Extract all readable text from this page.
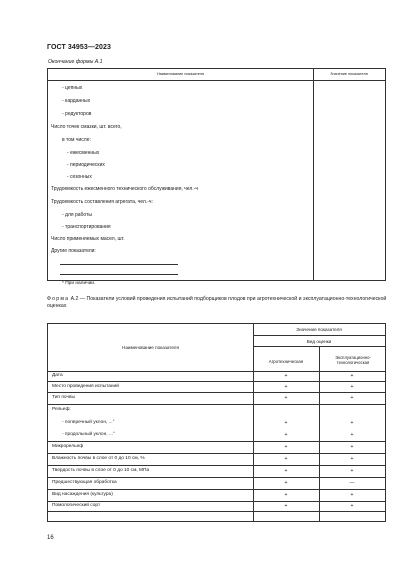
ГОСТ 34953—2023
Окончание формы А.1
Наименование показателя	Значение показателя
- цепных
- карданных
- редукторов
Число точек смазки, шт. всего,
в том числе:
- ежесменных
- периодических
- сезонных
Трудоемкость ежесменного технического обслуживания, чел.-ч
Трудоемкость составления агрегата, чел.-ч:
- для работы
- транспортирования
Число применяемых масел, шт.
Другие показатели:
* При наличии.
Форма А.2 — Показатели условий проведения испытаний подборщиков плодов при агротехнической и эксплуатационно-технологической оценках
Наименование показателя
Значение показателя
Вид оценки
Агротехническая
Эксплуатационно-технологическая
Дата	+	+
Место проведения испытаний	+	+
Тип почвы	+	+
Рельеф:
- поперечный уклон, ...°	+	+
- продольный уклон, ...°	+	+
Микрорельеф	+	+
Влажность почвы в слое от 0 до 10 см, %	+	+
Твердость почвы в слое от 0 до 10 см, МПа	+	+
Предшествующая обработка	+	—
Вид насаждения (культура)	+	+
Помологический сорт	+	+
16
